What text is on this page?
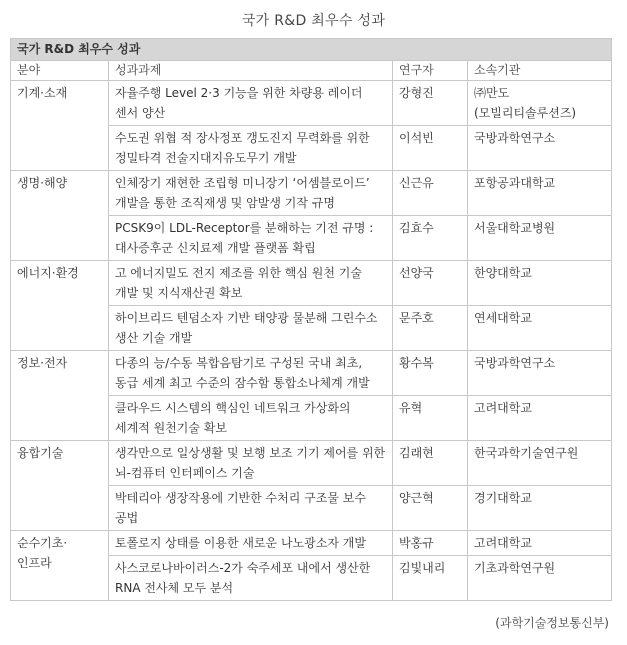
국가 R&D 최우수 성과
국가 R&D 최우수 성과			
분야	성과과제	연구자	소속기관
기계·소재	자율주행 Level 2·3 기능을 위한 차량용 레이더 센서 양산	강형진	㈜만도 (모빌리티솔루션즈)
	수도권 위협 적 장사정포 갱도진지 무력화를 위한 정밀타격 전술지대지유도무기 개발	이석빈	국방과학연구소
생명·해양	인체장기 재현한 조립형 미니장기 ‘어셈블로이드’ 개발을 통한 조직재생 및 암발생 기작 규명	신근유	포항공과대학교
	PCSK9이 LDL-Receptor를 분해하는 기전 규명 : 대사증후군 신치료제 개발 플랫폼 확립	김효수	서울대학교병원
에너지·환경	고 에너지밀도 전지 제조를 위한 핵심 원천 기술 개발 및 지식재산권 확보	선양국	한양대학교
	하이브리드 텐덤소자 기반 태양광 물분해 그린수소 생산 기술 개발	문주호	연세대학교
정보·전자	다종의 능/수동 복합음탐기로 구성된 국내 최초, 동급 세계 최고 수준의 잠수함 통합소나체계 개발	황수복	국방과학연구소
	클라우드 시스템의 핵심인 네트워크 가상화의 세계적 원천기술 확보	유혁	고려대학교
융합기술	생각만으로 일상생활 및 보행 보조 기기 제어를 위한 뇌-컴퓨터 인터페이스 기술	김래현	한국과학기술연구원
	박테리아 생장작용에 기반한 수처리 구조물 보수 공법	양근혁	경기대학교
순수기초· 인프라	토폴로지 상태를 이용한 새로운 나노광소자 개발	박홍규	고려대학교
	사스코로나바이러스-2가 숙주세포 내에서 생산한 RNA 전사체 모두 분석	김빛내리	기초과학연구원
(과학기술정보통신부)
